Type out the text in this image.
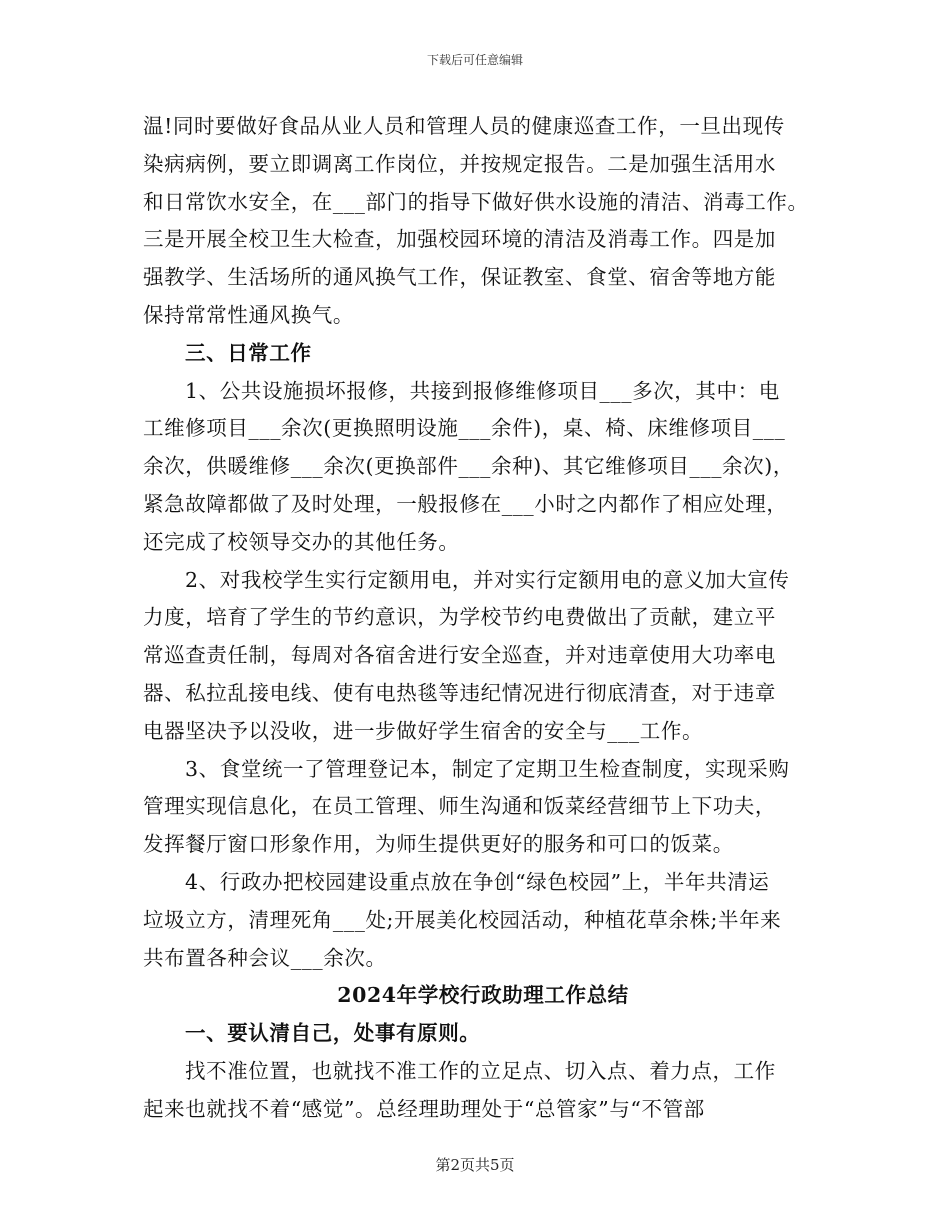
下载后可任意编辑
温!同时要做好食品从业人员和管理人员的健康巡查工作，一旦出现传
染病病例，要立即调离工作岗位，并按规定报告。二是加强生活用水
和日常饮水安全，在___部门的指导下做好供水设施的清洁、消毒工作。
三是开展全校卫生大检查，加强校园环境的清洁及消毒工作。四是加
强教学、生活场所的通风换气工作，保证教室、食堂、宿舍等地方能
保持常常性通风换气。
三、日常工作
1、公共设施损坏报修，共接到报修维修项目___多次，其中：电
工维修项目___余次(更换照明设施___余件)，桌、椅、床维修项目___
余次，供暖维修___余次(更换部件___余种)、其它维修项目___余次)，
紧急故障都做了及时处理，一般报修在___小时之内都作了相应处理，
还完成了校领导交办的其他任务。
2、对我校学生实行定额用电，并对实行定额用电的意义加大宣传
力度，培育了学生的节约意识，为学校节约电费做出了贡献，建立平
常巡查责任制，每周对各宿舍进行安全巡查，并对违章使用大功率电
器、私拉乱接电线、使有电热毯等违纪情况进行彻底清查，对于违章
电器坚决予以没收，进一步做好学生宿舍的安全与___工作。
3、食堂统一了管理登记本，制定了定期卫生检查制度，实现采购
管理实现信息化，在员工管理、师生沟通和饭菜经营细节上下功夫，
发挥餐厅窗口形象作用，为师生提供更好的服务和可口的饭菜。
4、行政办把校园建设重点放在争创“绿色校园”上，半年共清运
垃圾立方，清理死角___处;开展美化校园活动，种植花草余株;半年来
共布置各种会议___余次。
2024年学校行政助理工作总结
一、要认清自己，处事有原则。
找不准位置，也就找不准工作的立足点、切入点、着力点，工作
起来也就找不着“感觉”。总经理助理处于“总管家”与“不管部
第2页共5页
